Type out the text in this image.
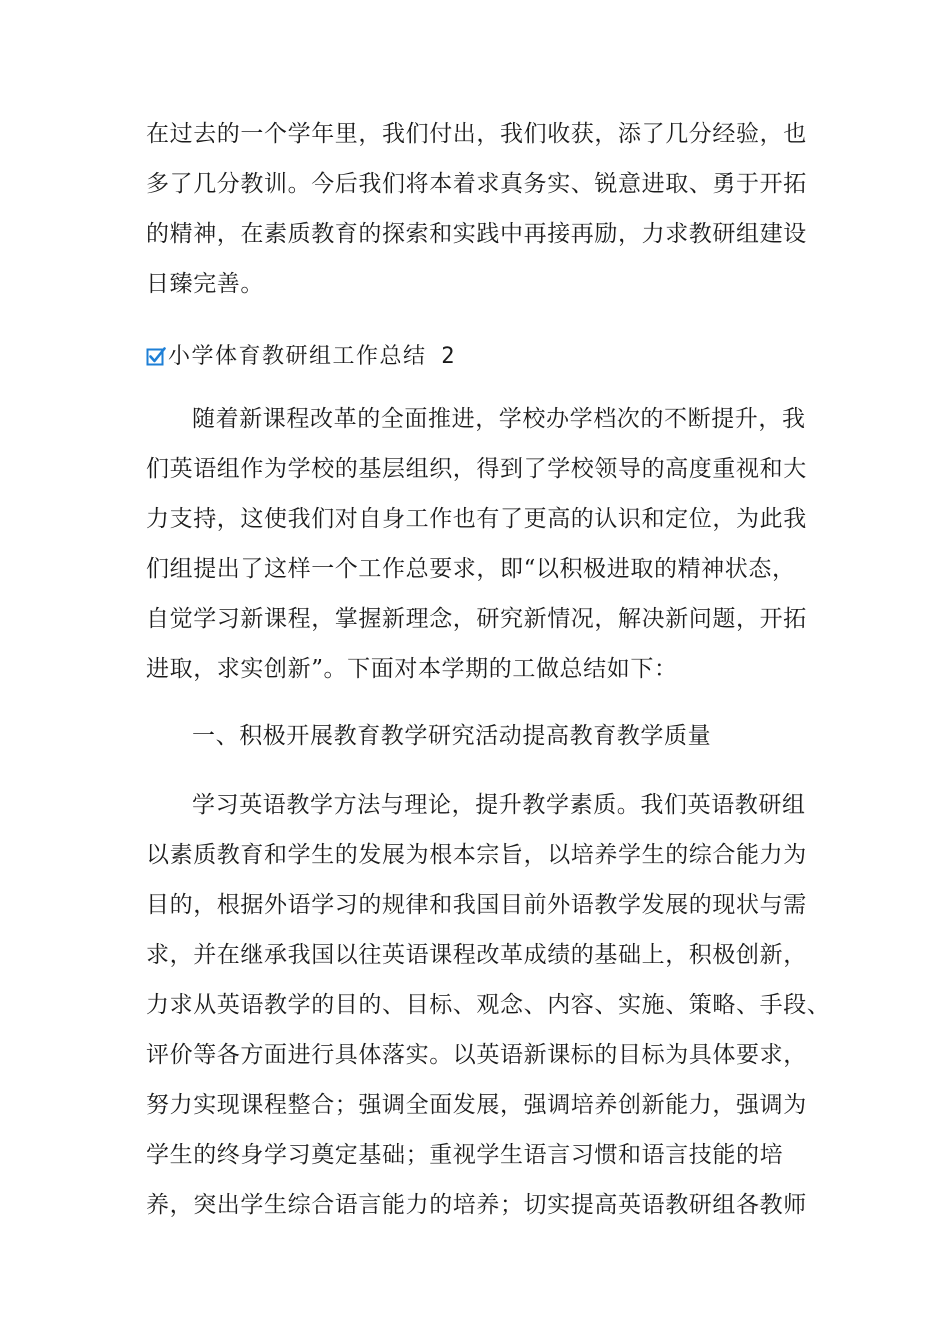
在过去的一个学年里，我们付出，我们收获，添了几分经验，也
多了几分教训。今后我们将本着求真务实、锐意进取、勇于开拓
的精神，在素质教育的探索和实践中再接再励，力求教研组建设
日臻完善。
小学体育教研组工作总结 2
随着新课程改革的全面推进，学校办学档次的不断提升，我
们英语组作为学校的基层组织，得到了学校领导的高度重视和大
力支持，这使我们对自身工作也有了更高的认识和定位，为此我
们组提出了这样一个工作总要求，即“以积极进取的精神状态，
自觉学习新课程，掌握新理念，研究新情况，解决新问题，开拓
进取，求实创新”。下面对本学期的工做总结如下：
一、积极开展教育教学研究活动提高教育教学质量
学习英语教学方法与理论，提升教学素质。我们英语教研组
以素质教育和学生的发展为根本宗旨，以培养学生的综合能力为
目的，根据外语学习的规律和我国目前外语教学发展的现状与需
求，并在继承我国以往英语课程改革成绩的基础上，积极创新，
力求从英语教学的目的、目标、观念、内容、实施、策略、手段、
评价等各方面进行具体落实。以英语新课标的目标为具体要求，
努力实现课程整合；强调全面发展，强调培养创新能力，强调为
学生的终身学习奠定基础；重视学生语言习惯和语言技能的培
养，突出学生综合语言能力的培养；切实提高英语教研组各教师
